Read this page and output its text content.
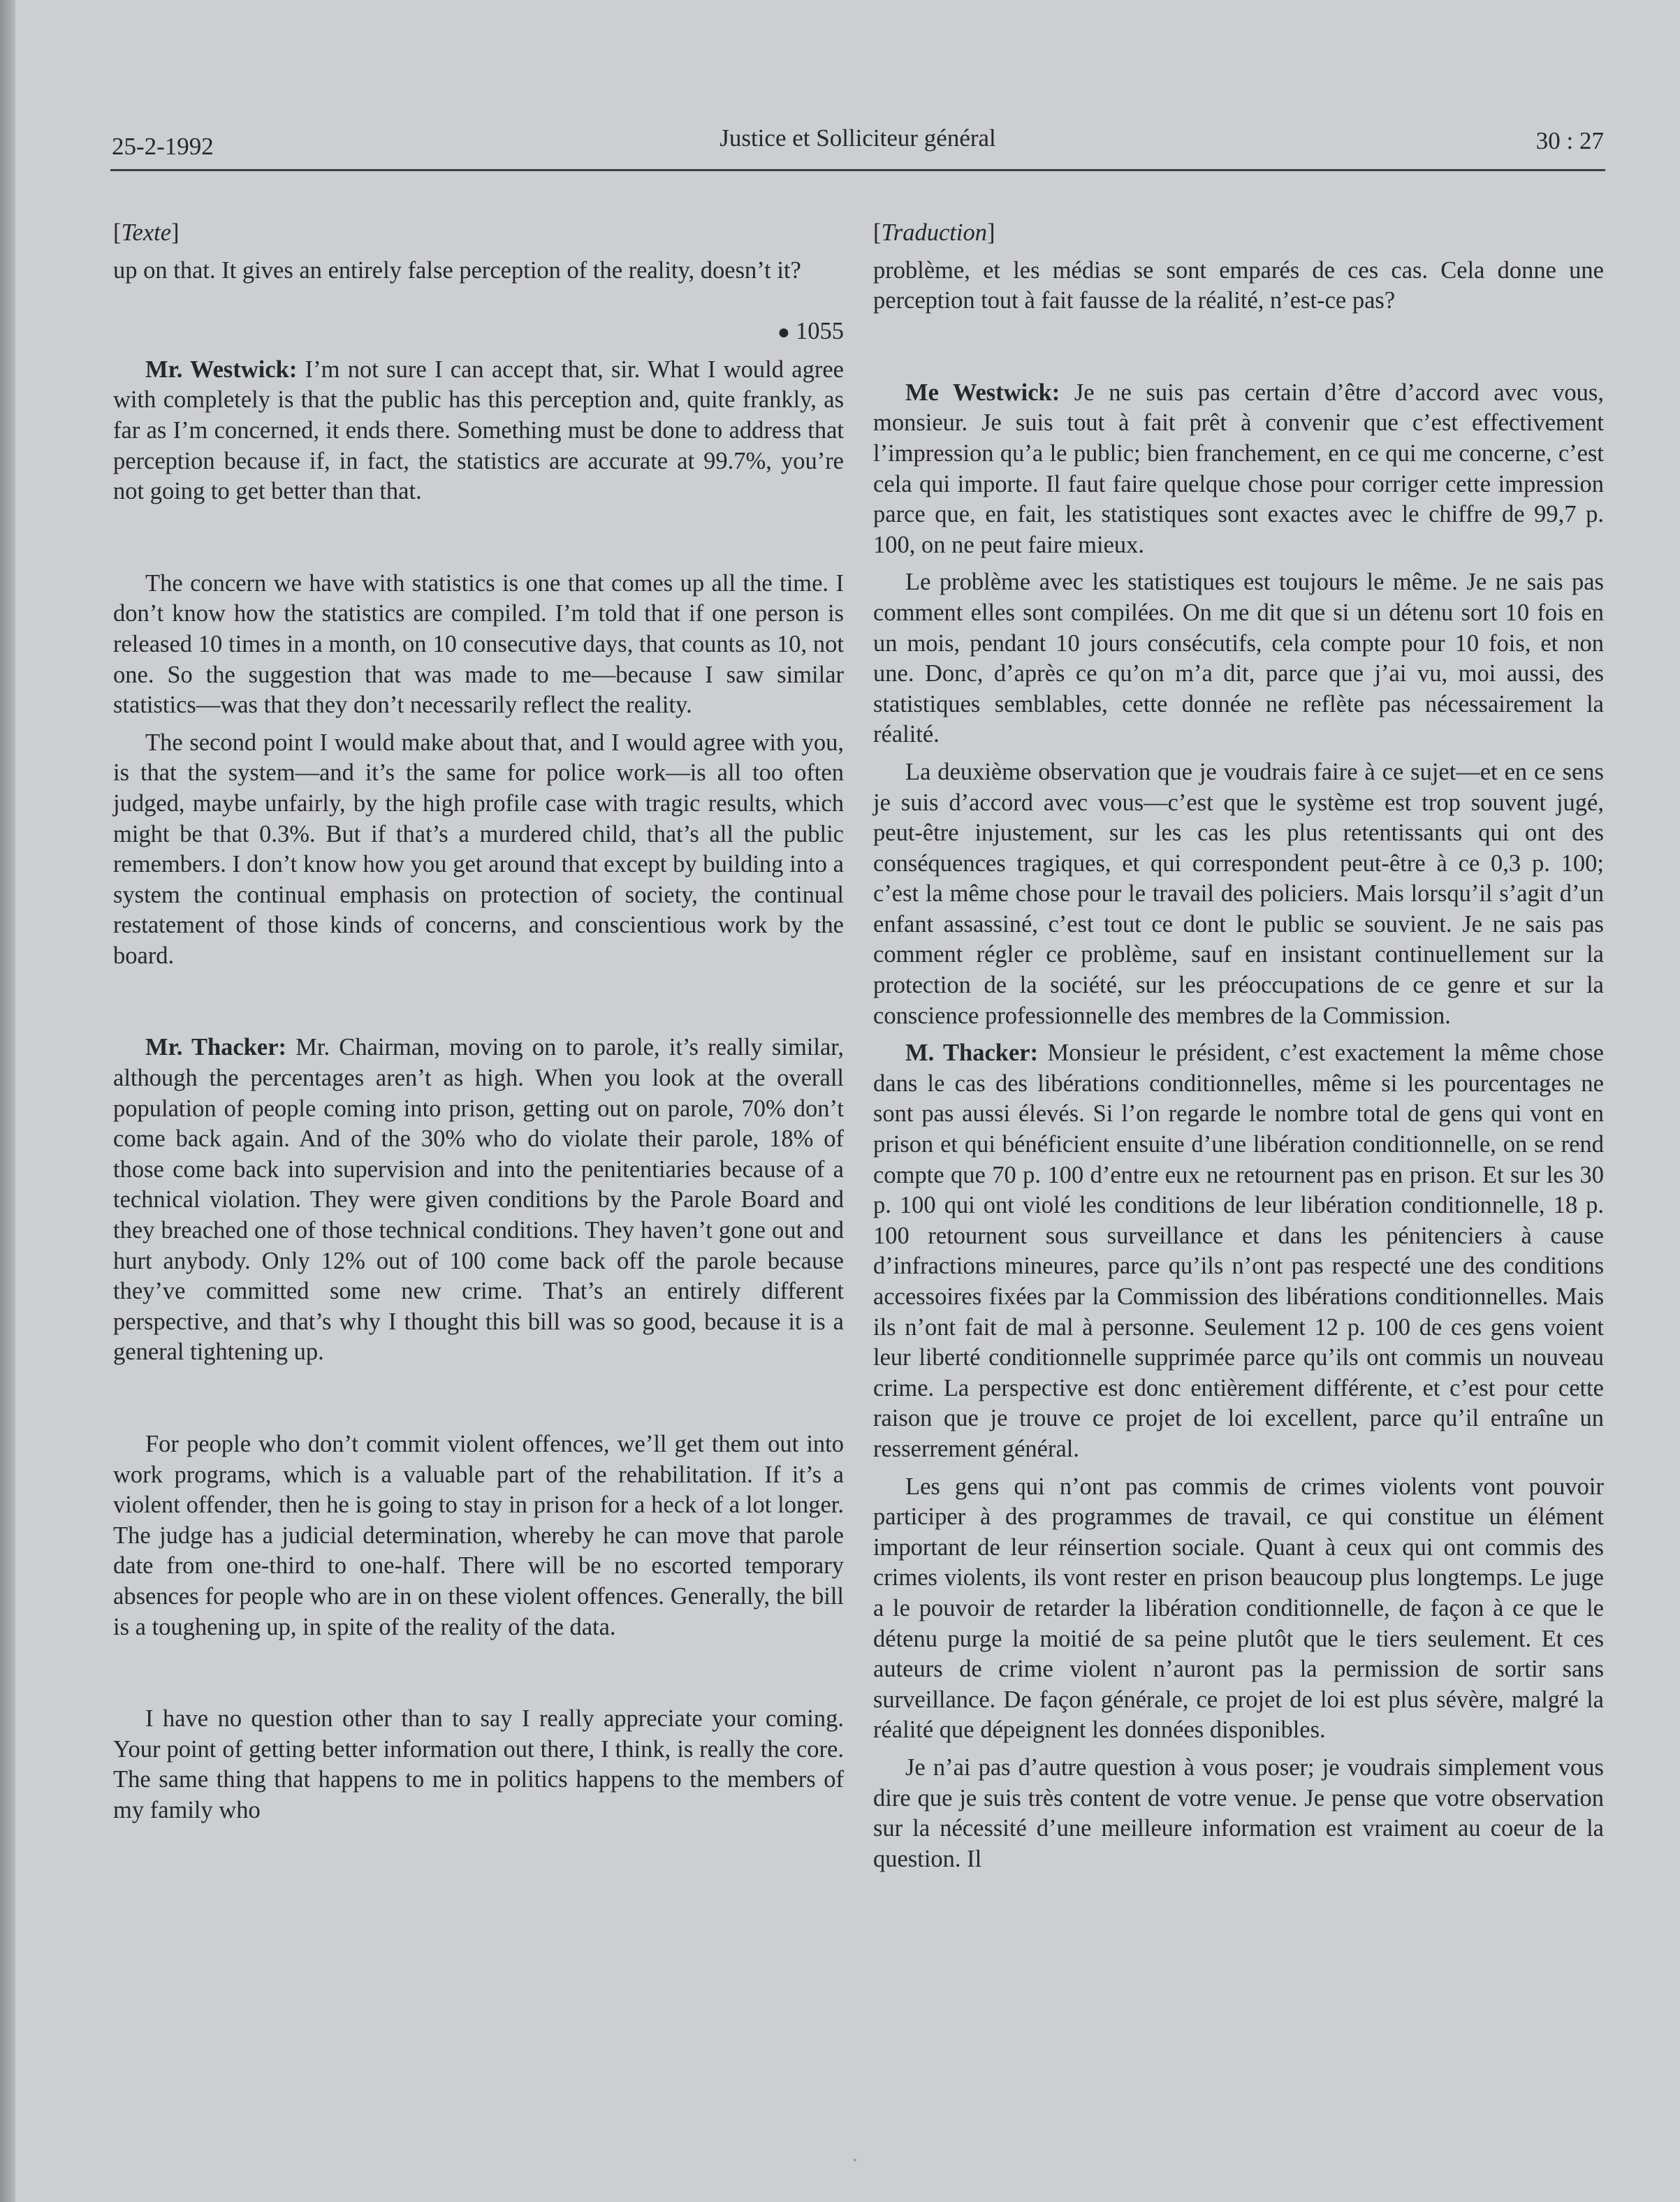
25-2-1992	Justice et Solliciteur général	30 : 27
[Texte]

up on that. It gives an entirely false perception of the reality, doesn’t it?

● 1055

Mr. Westwick: I’m not sure I can accept that, sir. What I would agree with completely is that the public has this perception and, quite frankly, as far as I’m concerned, it ends there. Something must be done to address that perception because if, in fact, the statistics are accurate at 99.7%, you’re not going to get better than that.

The concern we have with statistics is one that comes up all the time. I don’t know how the statistics are compiled. I’m told that if one person is released 10 times in a month, on 10 consecutive days, that counts as 10, not one. So the suggestion that was made to me—because I saw similar statistics—was that they don’t necessarily reflect the reality.

The second point I would make about that, and I would agree with you, is that the system—and it’s the same for police work—is all too often judged, maybe unfairly, by the high profile case with tragic results, which might be that 0.3%. But if that’s a murdered child, that’s all the public remembers. I don’t know how you get around that except by building into a system the continual emphasis on protection of society, the continual restatement of those kinds of concerns, and conscientious work by the board.

Mr. Thacker: Mr. Chairman, moving on to parole, it’s really similar, although the percentages aren’t as high. When you look at the overall population of people coming into prison, getting out on parole, 70% don’t come back again. And of the 30% who do violate their parole, 18% of those come back into supervision and into the penitentiaries because of a technical violation. They were given conditions by the Parole Board and they breached one of those technical conditions. They haven’t gone out and hurt anybody. Only 12% out of 100 come back off the parole because they’ve committed some new crime. That’s an entirely different perspective, and that’s why I thought this bill was so good, because it is a general tightening up.

For people who don’t commit violent offences, we’ll get them out into work programs, which is a valuable part of the rehabilitation. If it’s a violent offender, then he is going to stay in prison for a heck of a lot longer. The judge has a judicial determination, whereby he can move that parole date from one-third to one-half. There will be no escorted temporary absences for people who are in on these violent offences. Generally, the bill is a toughening up, in spite of the reality of the data.

I have no question other than to say I really appreciate your coming. Your point of getting better information out there, I think, is really the core. The same thing that happens to me in politics happens to the members of my family who

[Traduction]

problème, et les médias se sont emparés de ces cas. Cela donne une perception tout à fait fausse de la réalité, n’est-ce pas?

Me Westwick: Je ne suis pas certain d’être d’accord avec vous, monsieur. Je suis tout à fait prêt à convenir que c’est effectivement l’impression qu’a le public; bien franchement, en ce qui me concerne, c’est cela qui importe. Il faut faire quelque chose pour corriger cette impression parce que, en fait, les statistiques sont exactes avec le chiffre de 99,7 p. 100, on ne peut faire mieux.

Le problème avec les statistiques est toujours le même. Je ne sais pas comment elles sont compilées. On me dit que si un détenu sort 10 fois en un mois, pendant 10 jours consécutifs, cela compte pour 10 fois, et non une. Donc, d’après ce qu’on m’a dit, parce que j’ai vu, moi aussi, des statistiques semblables, cette donnée ne reflète pas nécessairement la réalité.

La deuxième observation que je voudrais faire à ce sujet—et en ce sens je suis d’accord avec vous—c’est que le système est trop souvent jugé, peut-être injustement, sur les cas les plus retentissants qui ont des conséquences tragiques, et qui correspondent peut-être à ce 0,3 p. 100; c’est la même chose pour le travail des policiers. Mais lorsqu’il s’agit d’un enfant assassiné, c’est tout ce dont le public se souvient. Je ne sais pas comment régler ce problème, sauf en insistant continuellement sur la protection de la société, sur les préoccupations de ce genre et sur la conscience professionnelle des membres de la Commission.

M. Thacker: Monsieur le président, c’est exactement la même chose dans le cas des libérations conditionnelles, même si les pourcentages ne sont pas aussi élevés. Si l’on regarde le nombre total de gens qui vont en prison et qui bénéficient ensuite d’une libération conditionnelle, on se rend compte que 70 p. 100 d’entre eux ne retournent pas en prison. Et sur les 30 p. 100 qui ont violé les conditions de leur libération conditionnelle, 18 p. 100 retournent sous surveillance et dans les pénitenciers à cause d’infractions mineures, parce qu’ils n’ont pas respecté une des conditions accessoires fixées par la Commission des libérations conditionnelles. Mais ils n’ont fait de mal à personne. Seulement 12 p. 100 de ces gens voient leur liberté conditionnelle supprimée parce qu’ils ont commis un nouveau crime. La perspective est donc entièrement différente, et c’est pour cette raison que je trouve ce projet de loi excellent, parce qu’il entraîne un resserrement général.

Les gens qui n’ont pas commis de crimes violents vont pouvoir participer à des programmes de travail, ce qui constitue un élément important de leur réinsertion sociale. Quant à ceux qui ont commis des crimes violents, ils vont rester en prison beaucoup plus longtemps. Le juge a le pouvoir de retarder la libération conditionnelle, de façon à ce que le détenu purge la moitié de sa peine plutôt que le tiers seulement. Et ces auteurs de crime violent n’auront pas la permission de sortir sans surveillance. De façon générale, ce projet de loi est plus sévère, malgré la réalité que dépeignent les données disponibles.

Je n’ai pas d’autre question à vous poser; je voudrais simplement vous dire que je suis très content de votre venue. Je pense que votre observation sur la nécessité d’une meilleure information est vraiment au coeur de la question. Il
